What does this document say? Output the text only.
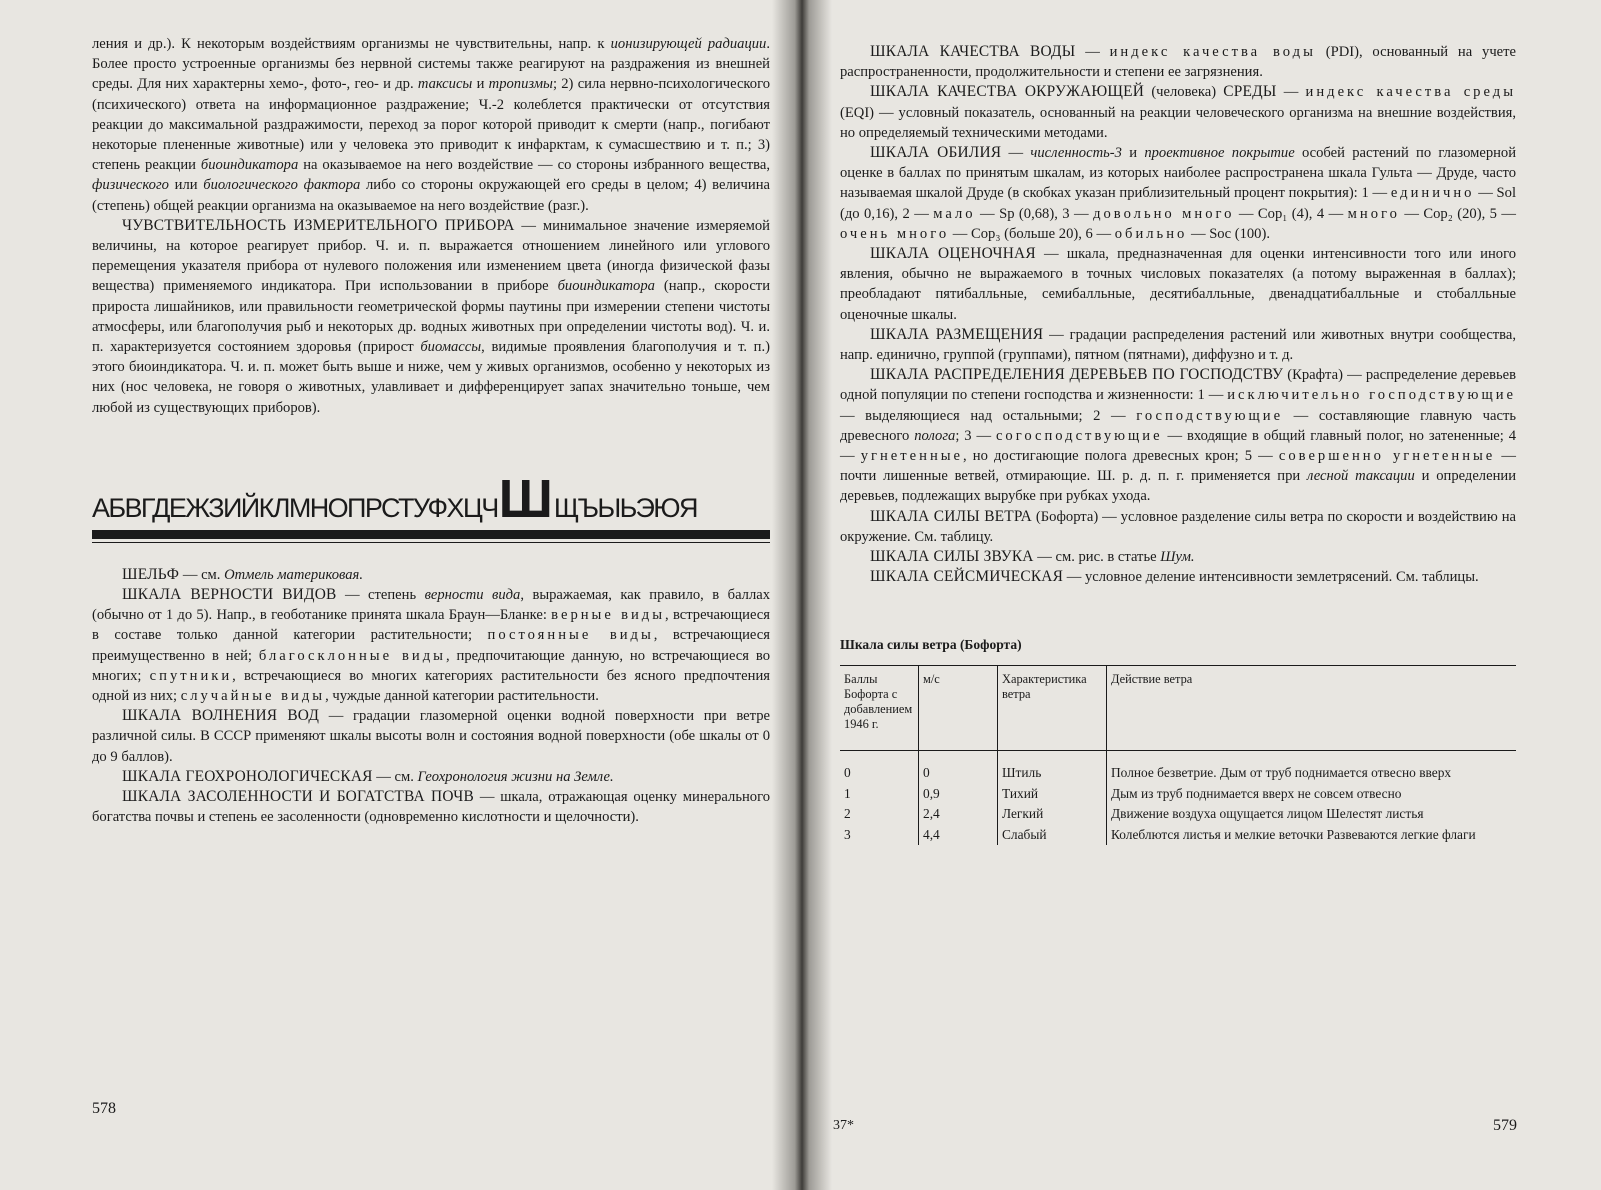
ления и др.). К некоторым воздействиям организмы не чувствительны, напр. к ионизирующей радиации. Более просто устроенные организмы без нервной системы также реагируют на раздражения из внешней среды. Для них характерны хемо-, фото-, гео- и др. таксисы и тропизмы; 2) сила нервно-психологического (психического) ответа на информационное раздражение; Ч.-2 колеблется практически от отсутствия реакции до максимальной раздражимости, переход за порог которой приводит к смерти (напр., погибают некоторые плененные животные) или у человека это приводит к инфарктам, к сумасшествию и т. п.; 3) степень реакции биоиндикатора на оказываемое на него воздействие — со стороны избранного вещества, физического или биологического фактора либо со стороны окружающей его среды в целом; 4) величина (степень) общей реакции организма на оказываемое на него воздействие (разг.).

ЧУВСТВИТЕЛЬНОСТЬ ИЗМЕРИТЕЛЬНОГО ПРИБОРА — минимальное значение измеряемой величины, на которое реагирует прибор. Ч. и. п. выражается отношением линейного или углового перемещения указателя прибора от нулевого положения или изменением цвета (иногда физической фазы вещества) применяемого индикатора. При использовании в приборе биоиндикатора (напр., скорости прироста лишайников, или правильности геометрической формы паутины при измерении степени чистоты атмосферы, или благополучия рыб и некоторых др. водных животных при определении чистоты вод). Ч. и. п. характеризуется состоянием здоровья (прирост биомассы, видимые проявления благополучия и т. п.) этого биоиндикатора. Ч. и. п. может быть выше и ниже, чем у живых организмов, особенно у некоторых из них (нос человека, не говоря о животных, улавливает и дифференцирует запах значительно тоньше, чем любой из существующих приборов).

АБВГДЕЖЗИЙКЛМНОПРСТУФХЦЧ Ш ЩЪЫЬЭЮЯ

ШЕЛЬФ — см. Отмель материковая.

ШКАЛА ВЕРНОСТИ ВИДОВ — степень верности вида, выражаемая, как правило, в баллах (обычно от 1 до 5). Напр., в геоботанике принята шкала Браун—Бланке: верные виды, встречающиеся в составе только данной категории растительности; постоянные виды, встречающиеся преимущественно в ней; благосклонные виды, предпочитающие данную, но встречающиеся во многих; спутники, встречающиеся во многих категориях растительности без ясного предпочтения одной из них; случайные виды, чуждые данной категории растительности.

ШКАЛА ВОЛНЕНИЯ ВОД — градации глазомерной оценки водной поверхности при ветре различной силы. В СССР применяют шкалы высоты волн и состояния водной поверхности (обе шкалы от 0 до 9 баллов).

ШКАЛА ГЕОХРОНОЛОГИЧЕСКАЯ — см. Геохронология жизни на Земле.

ШКАЛА ЗАСОЛЕННОСТИ И БОГАТСТВА ПОЧВ — шкала, отражающая оценку минерального богатства почвы и степень ее засоленности (одновременно кислотности и щелочности).

ШКАЛА КАЧЕСТВА ВОДЫ — индекс качества воды (PDI), основанный на учете распространенности, продолжительности и степени ее загрязнения.

ШКАЛА КАЧЕСТВА ОКРУЖАЮЩЕЙ (человека) СРЕДЫ — индекс качества среды (EQI) — условный показатель, основанный на реакции человеческого организма на внешние воздействия, но определяемый техническими методами.

ШКАЛА ОБИЛИЯ — численность-3 и проективное покрытие особей растений по глазомерной оценке в баллах по принятым шкалам, из которых наиболее распространена шкала Гульта — Друде, часто называемая шкалой Друде (в скобках указан приблизительный процент покрытия): 1 — единично — Sol (до 0,16), 2 — мало — Sp (0,68), 3 — довольно много — Cop₁ (4), 4 — много — Cop₂ (20), 5 — очень много — Cop₃ (больше 20), 6 — обильно — Soc (100).

ШКАЛА ОЦЕНОЧНАЯ — шкала, предназначенная для оценки интенсивности того или иного явления, обычно не выражаемого в точных числовых показателях (а потому выраженная в баллах); преобладают пятибалльные, семибалльные, десятибалльные, двенадцатибалльные и стобалльные оценочные шкалы.

ШКАЛА РАЗМЕЩЕНИЯ — градации распределения растений или животных внутри сообщества, напр. единично, группой (группами), пятном (пятнами), диффузно и т. д.

ШКАЛА РАСПРЕДЕЛЕНИЯ ДЕРЕВЬЕВ ПО ГОСПОДСТВУ (Крафта) — распределение деревьев одной популяции по степени господства и жизненности: 1 — исключительно господствующие — выделяющиеся над остальными; 2 — господствующие — составляющие главную часть древесного полога; 3 — согосподствующие — входящие в общий главный полог, но затененные; 4 — угнетенные, но достигающие полога древесных крон; 5 — совершенно угнетенные — почти лишенные ветвей, отмирающие. Ш. р. д. п. г. применяется при лесной таксации и определении деревьев, подлежащих вырубке при рубках ухода.

ШКАЛА СИЛЫ ВЕТРА (Бофорта) — условное разделение силы ветра по скорости и воздействию на окружение. См. таблицу.

ШКАЛА СИЛЫ ЗВУКА — см. рис. в статье Шум.

ШКАЛА СЕЙСМИЧЕСКАЯ — условное деление интенсивности землетрясений. См. таблицы.

Шкала силы ветра (Бофорта)
Баллы Бофорта с добавлением 1946 г.	м/с	Характеристика ветра	Действие ветра
0	0	Штиль	Полное безветрие. Дым от труб поднимается отвесно вверх
1	0,9	Тихий	Дым из труб поднимается вверх не совсем отвесно
2	2,4	Легкий	Движение воздуха ощущается лицом Шелестят листья
3	4,4	Слабый	Колеблются листья и мелкие веточки Развеваются легкие флаги
578
37*	579
